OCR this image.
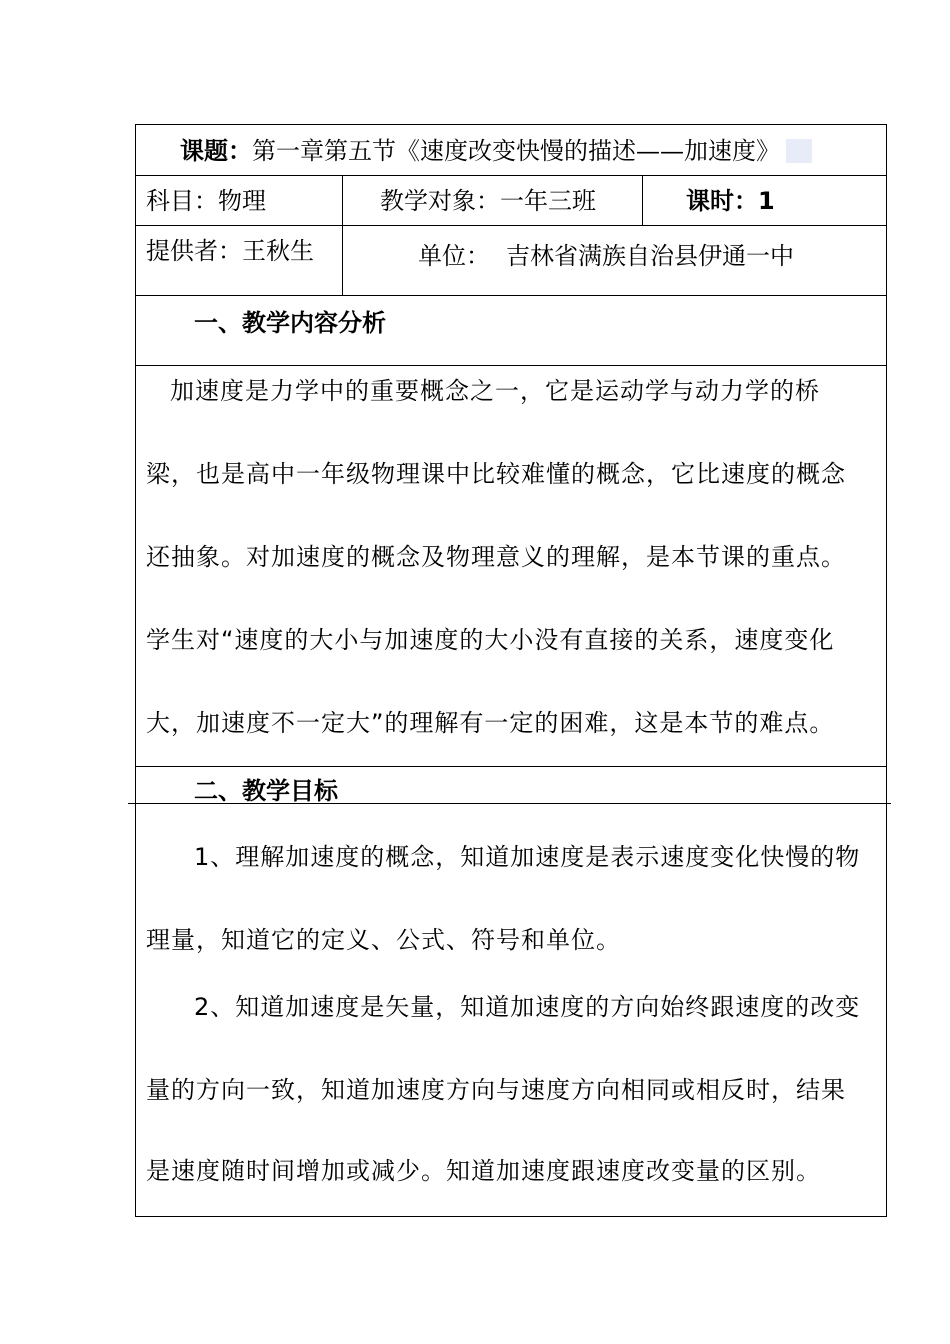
课题：第一章第五节《速度改变快慢的描述——加速度》
科目：物理	教学对象：一年三班	课时：1
提供者：王秋生	单位： 吉林省满族自治县伊通一中
一、教学内容分析
加速度是力学中的重要概念之一，它是运动学与动力学的桥
梁，也是高中一年级物理课中比较难懂的概念，它比速度的概念
还抽象。对加速度的概念及物理意义的理解，是本节课的重点。
学生对“速度的大小与加速度的大小没有直接的关系，速度变化
大，加速度不一定大”的理解有一定的困难，这是本节的难点。
二、教学目标
1、理解加速度的概念，知道加速度是表示速度变化快慢的物
理量，知道它的定义、公式、符号和单位。
2、知道加速度是矢量，知道加速度的方向始终跟速度的改变
量的方向一致，知道加速度方向与速度方向相同或相反时，结果
是速度随时间增加或减少。知道加速度跟速度改变量的区别。
